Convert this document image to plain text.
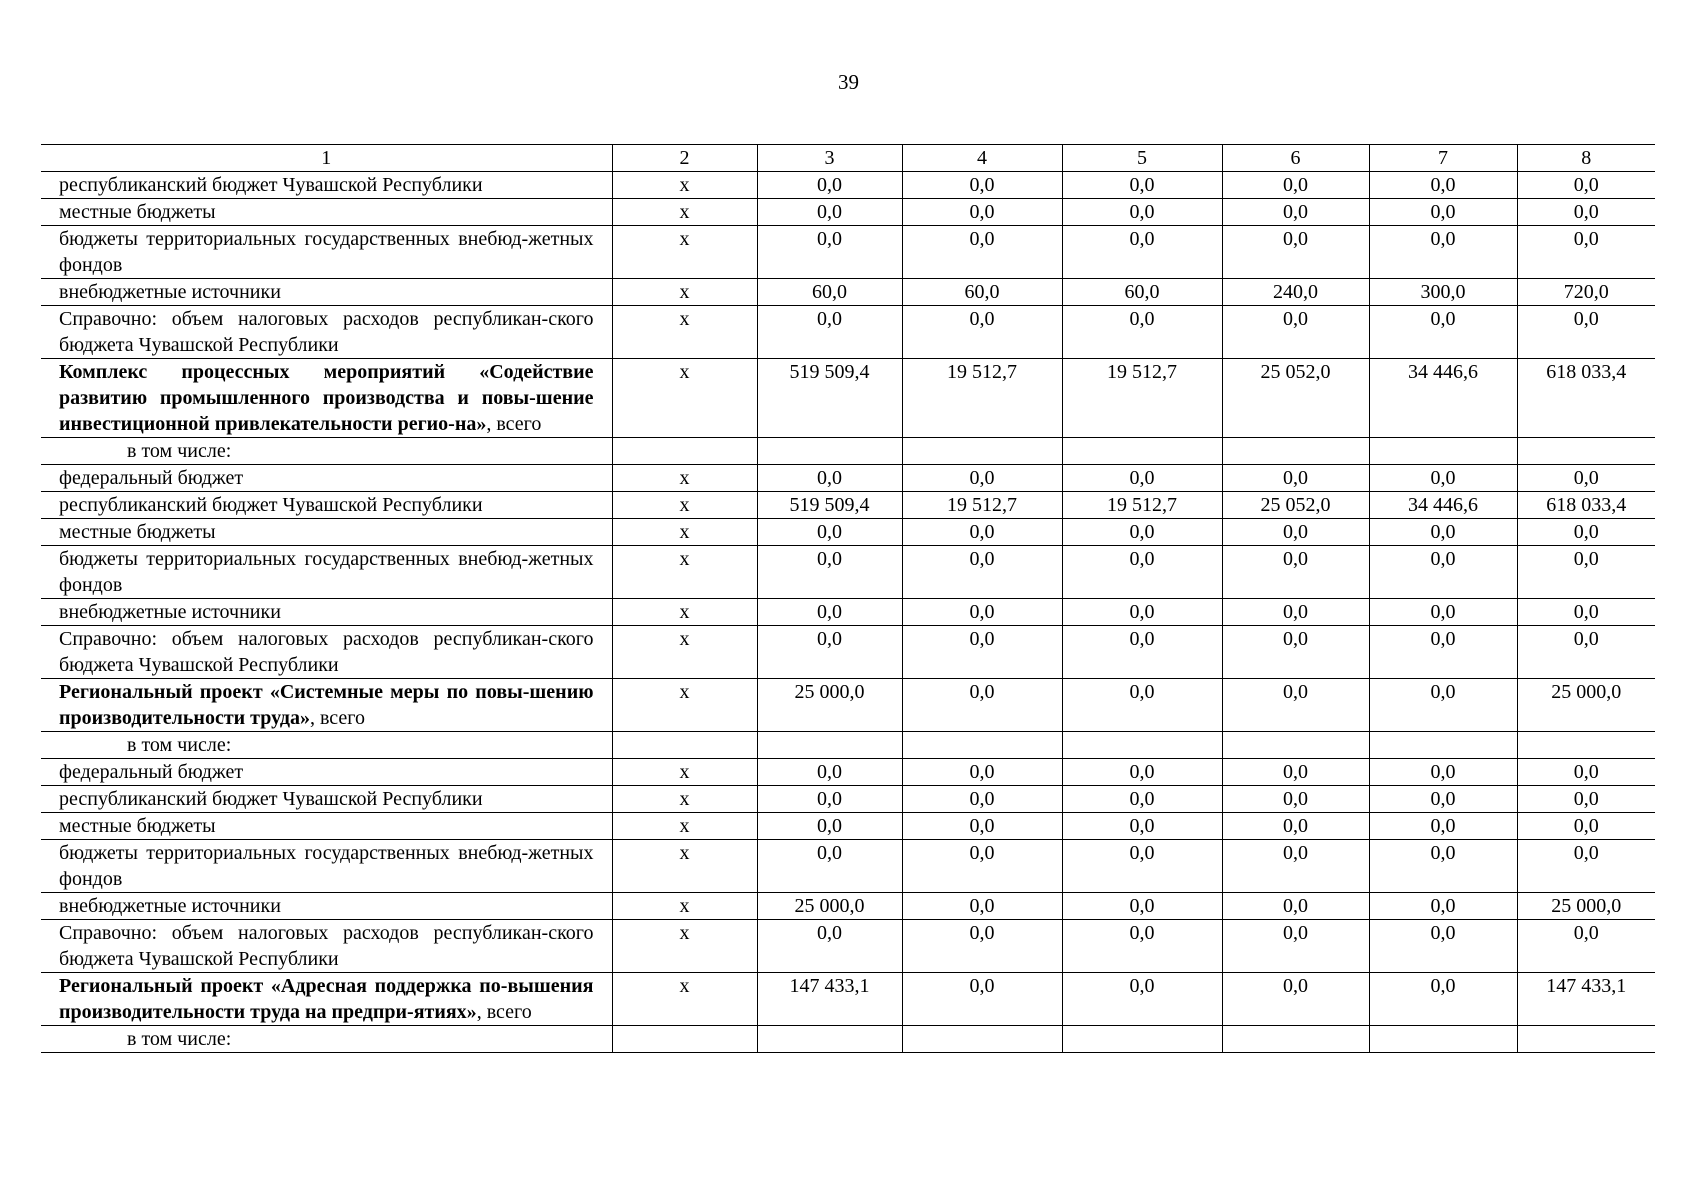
39
1	2	3	4	5	6	7	8
республиканский бюджет Чувашской Республики	х	0,0	0,0	0,0	0,0	0,0	0,0
местные бюджеты	х	0,0	0,0	0,0	0,0	0,0	0,0
бюджеты территориальных государственных внебюд-жетных фондов	х	0,0	0,0	0,0	0,0	0,0	0,0
внебюджетные источники	х	60,0	60,0	60,0	240,0	300,0	720,0
Справочно: объем налоговых расходов республикан-ского бюджета Чувашской Республики	х	0,0	0,0	0,0	0,0	0,0	0,0
Комплекс процессных мероприятий «Содействие развитию промышленного производства и повы-шение инвестиционной привлекательности регио-на», всего	х	519 509,4	19 512,7	19 512,7	25 052,0	34 446,6	618 033,4
в том числе:							
федеральный бюджет	х	0,0	0,0	0,0	0,0	0,0	0,0
республиканский бюджет Чувашской Республики	х	519 509,4	19 512,7	19 512,7	25 052,0	34 446,6	618 033,4
местные бюджеты	х	0,0	0,0	0,0	0,0	0,0	0,0
бюджеты территориальных государственных внебюд-жетных фондов	х	0,0	0,0	0,0	0,0	0,0	0,0
внебюджетные источники	х	0,0	0,0	0,0	0,0	0,0	0,0
Справочно: объем налоговых расходов республикан-ского бюджета Чувашской Республики	х	0,0	0,0	0,0	0,0	0,0	0,0
Региональный проект «Системные меры по повы-шению производительности труда», всего	х	25 000,0	0,0	0,0	0,0	0,0	25 000,0
в том числе:							
федеральный бюджет	х	0,0	0,0	0,0	0,0	0,0	0,0
республиканский бюджет Чувашской Республики	х	0,0	0,0	0,0	0,0	0,0	0,0
местные бюджеты	х	0,0	0,0	0,0	0,0	0,0	0,0
бюджеты территориальных государственных внебюд-жетных фондов	х	0,0	0,0	0,0	0,0	0,0	0,0
внебюджетные источники	х	25 000,0	0,0	0,0	0,0	0,0	25 000,0
Справочно: объем налоговых расходов республикан-ского бюджета Чувашской Республики	х	0,0	0,0	0,0	0,0	0,0	0,0
Региональный проект «Адресная поддержка по-вышения производительности труда на предпри-ятиях», всего	х	147 433,1	0,0	0,0	0,0	0,0	147 433,1
в том числе:							
